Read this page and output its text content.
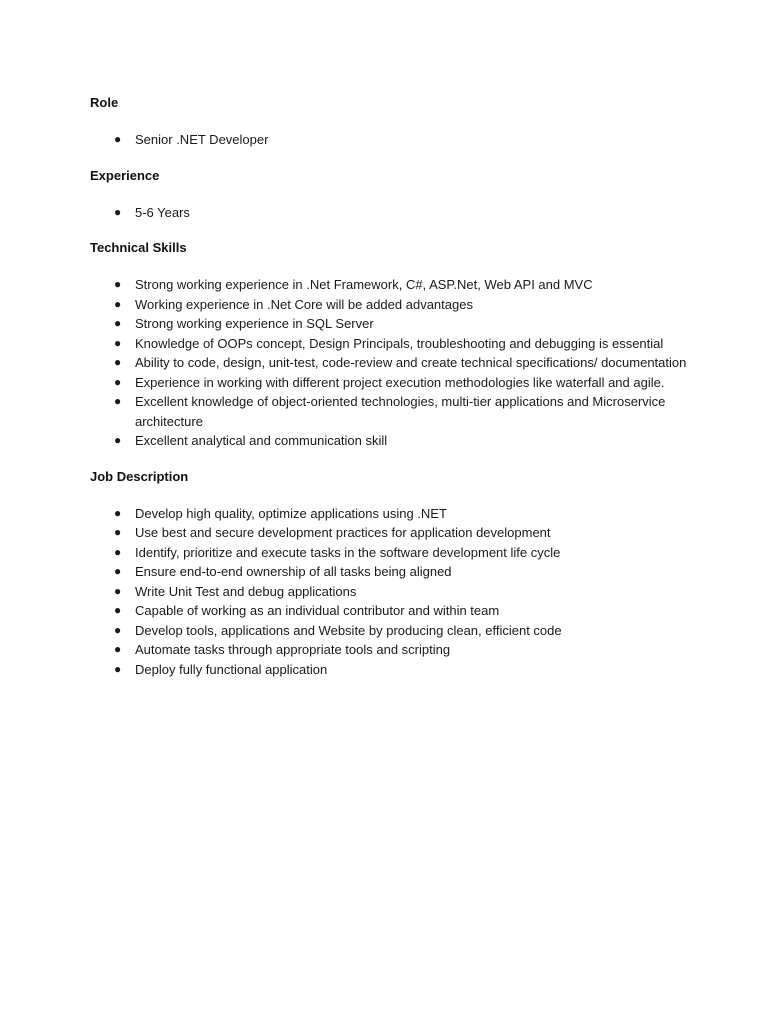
Role
● Senior .NET Developer
Experience
● 5-6 Years
Technical Skills
● Strong working experience in .Net Framework, C#, ASP.Net, Web API and MVC
● Working experience in .Net Core will be added advantages
● Strong working experience in SQL Server
● Knowledge of OOPs concept, Design Principals, troubleshooting and debugging is essential
● Ability to code, design, unit-test, code-review and create technical specifications/ documentation
● Experience in working with different project execution methodologies like waterfall and agile.
● Excellent knowledge of object-oriented technologies, multi-tier applications and Microservice architecture
● Excellent analytical and communication skill
Job Description
● Develop high quality, optimize applications using .NET
● Use best and secure development practices for application development
● Identify, prioritize and execute tasks in the software development life cycle
● Ensure end-to-end ownership of all tasks being aligned
● Write Unit Test and debug applications
● Capable of working as an individual contributor and within team
● Develop tools, applications and Website by producing clean, efficient code
● Automate tasks through appropriate tools and scripting
● Deploy fully functional application
